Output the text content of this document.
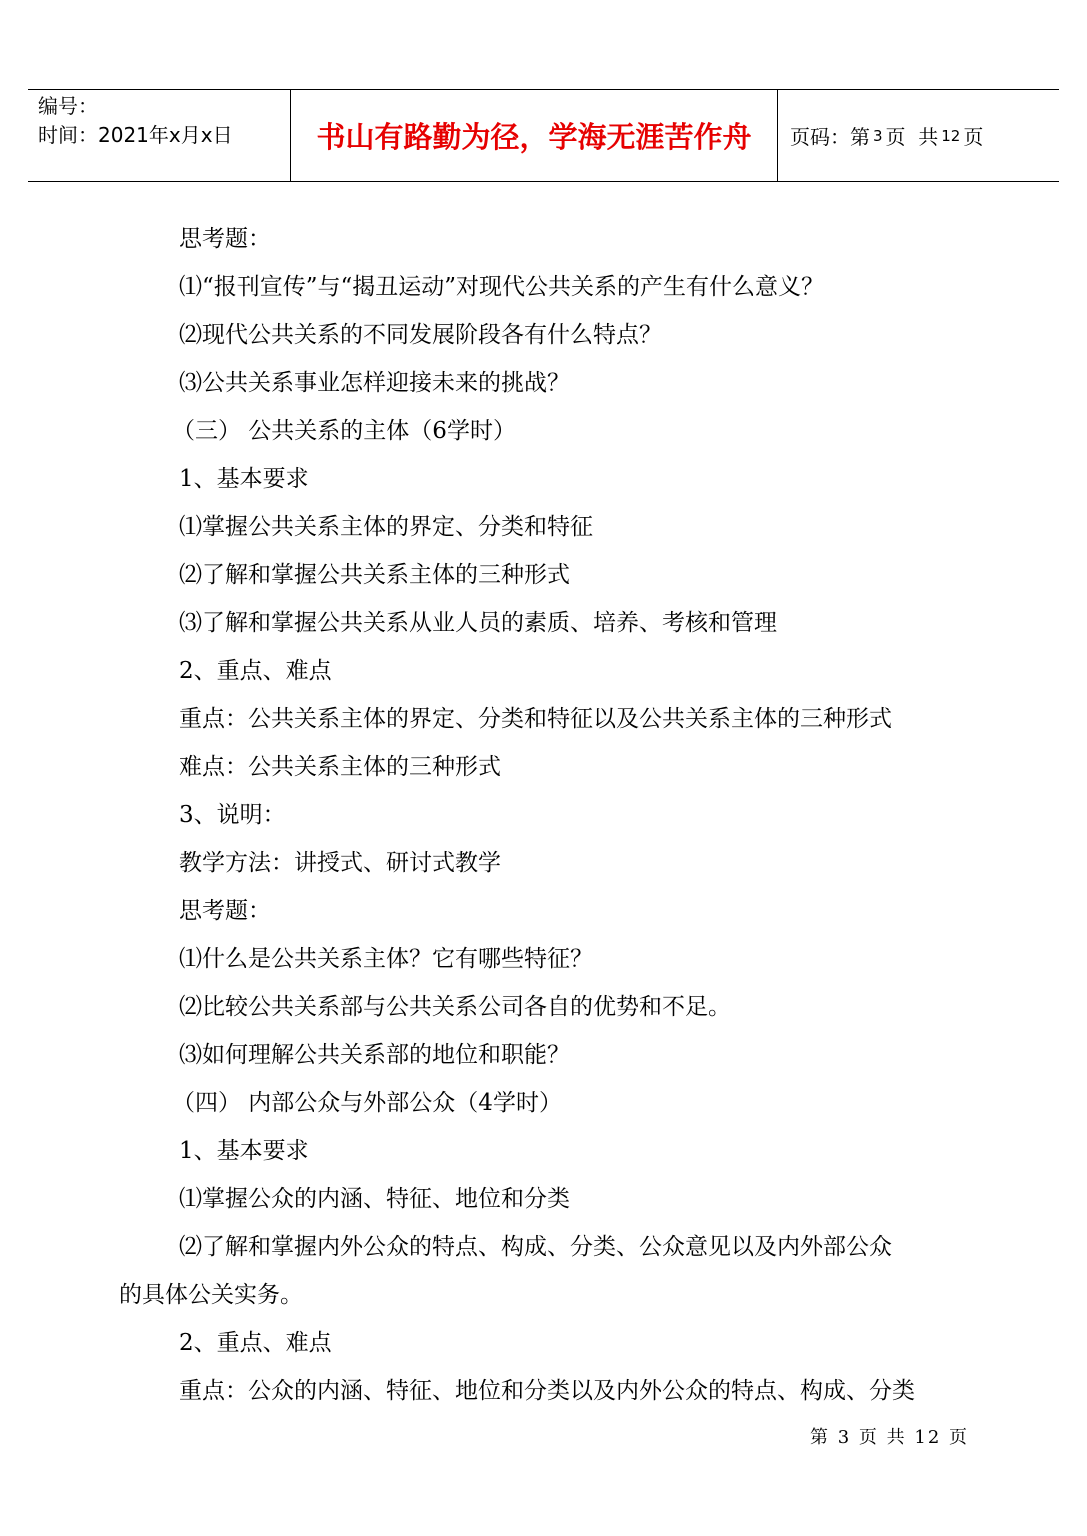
编号：
时间：2021年x月x日	书山有路勤为径，学海无涯苦作舟	页码：第 3 页  共 12 页
思考题：
⑴“报刊宣传”与“揭丑运动”对现代公共关系的产生有什么意义？
⑵现代公共关系的不同发展阶段各有什么特点？
⑶公共关系事业怎样迎接未来的挑战？
（三） 公共关系的主体（6学时）
1、基本要求
⑴掌握公共关系主体的界定、分类和特征
⑵了解和掌握公共关系主体的三种形式
⑶了解和掌握公共关系从业人员的素质、培养、考核和管理
2、重点、难点
重点：公共关系主体的界定、分类和特征以及公共关系主体的三种形式
难点：公共关系主体的三种形式
3、说明：
教学方法：讲授式、研讨式教学
思考题：
⑴什么是公共关系主体？它有哪些特征？
⑵比较公共关系部与公共关系公司各自的优势和不足。
⑶如何理解公共关系部的地位和职能？
（四） 内部公众与外部公众（4学时）
1、基本要求
⑴掌握公众的内涵、特征、地位和分类
⑵了解和掌握内外公众的特点、构成、分类、公众意见以及内外部公众
的具体公关实务。
2、重点、难点
重点：公众的内涵、特征、地位和分类以及内外公众的特点、构成、分类
第 3 页 共 12 页
